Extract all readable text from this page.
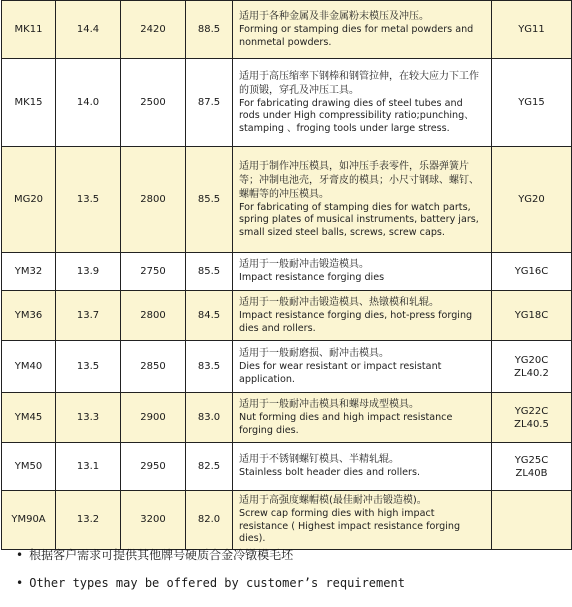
MK11	14.4	2420	88.5	适用于各种金属及非金属粉末模压及冲压。
Forming or stamping dies for metal powders and nonmetal powders.	YG11

MK15	14.0	2500	87.5	适用于高压缩率下钢棒和钢管拉伸，在较大应力下工作的顶锻，穿孔及冲压工具。
For fabricating drawing dies of steel tubes and rods under High compressibility ratio;punching、stamping 、froging tools under large stress.	YG15

MG20	13.5	2800	85.5	适用于制作冲压模具，如冲压手表零件，乐器弹簧片等；冲制电池壳，牙膏皮的模具；小尺寸钢球、螺钉、螺帽等的冲压模具。
For fabricating of stamping dies for watch parts, spring plates of musical instruments, battery jars, small sized steel balls, screws, screw caps.	YG20

YM32	13.9	2750	85.5	适用于一般耐冲击锻造模具。
Impact resistance forging dies	YG16C

YM36	13.7	2800	84.5	适用于一般耐冲击锻造模具、热镦模和轧辊。
Impact resistance forging dies, hot-press forging dies and rollers.	YG18C

YM40	13.5	2850	83.5	适用于一般耐磨损、耐冲击模具。
Dies for wear resistant or impact resistant application.	YG20C
ZL40.2

YM45	13.3	2900	83.0	适用于一般耐冲击模具和螺母成型模具。
Nut forming dies and high impact resistance forging dies.	YG22C
ZL40.5

YM50	13.1	2950	82.5	适用于不锈钢螺钉模具、半精轧辊。
Stainless bolt header dies and rollers.	YG25C
ZL40B

YM90A	13.2	3200	82.0	适用于高强度螺帽模(最佳耐冲击锻造模)。
Screw cap forming dies with high impact resistance ( Highest impact resistance forging dies).	

• 根据客户需求可提供其他牌号硬质合金冷镦模毛坯
• Other types may be offered by customer’s requirement
